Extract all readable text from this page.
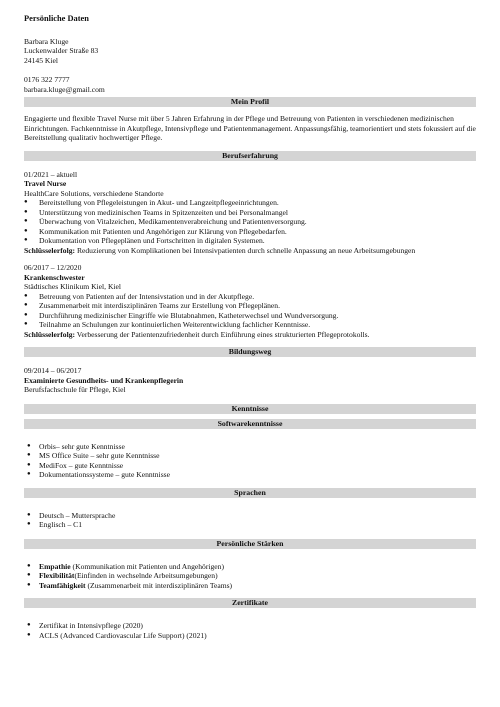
Persönliche Daten
Barbara Kluge
Luckenwalder Straße 83
24145 Kiel
0176 322 7777
barbara.kluge@gmail.com
Mein Profil
Engagierte und flexible Travel Nurse mit über 5 Jahren Erfahrung in der Pflege und Betreuung von Patienten in verschiedenen medizinischen Einrichtungen. Fachkenntnisse in Akutpflege, Intensivpflege und Patientenmanagement. Anpassungsfähig, teamorientiert und stets fokussiert auf die Bereitstellung qualitativ hochwertiger Pflege.
Berufserfahrung
01/2021 – aktuell
Travel Nurse
HealthCare Solutions, verschiedene Standorte
● Bereitstellung von Pflegeleistungen in Akut- und Langzeitpflegeeinrichtungen.
● Unterstützung von medizinischen Teams in Spitzenzeiten und bei Personalmangel
● Überwachung von Vitalzeichen, Medikamentenverabreichung und Patientenversorgung.
● Kommunikation mit Patienten und Angehörigen zur Klärung von Pflegebedarfen.
● Dokumentation von Pflegeplänen und Fortschritten in digitalen Systemen.
Schlüsselerfolg: Reduzierung von Komplikationen bei Intensivpatienten durch schnelle Anpassung an neue Arbeitsumgebungen
06/2017 – 12/2020
Krankenschwester
Städtisches Klinikum Kiel, Kiel
● Betreuung von Patienten auf der Intensivstation und in der Akutpflege.
● Zusammenarbeit mit interdisziplinären Teams zur Erstellung von Pflegeplänen.
● Durchführung medizinischer Eingriffe wie Blutabnahmen, Katheterwechsel und Wundversorgung.
● Teilnahme an Schulungen zur kontinuierlichen Weiterentwicklung fachlicher Kenntnisse.
Schlüsselerfolg: Verbesserung der Patientenzufriedenheit durch Einführung eines strukturierten Pflegeprotokolls.
Bildungsweg
09/2014 – 06/2017
Examinierte Gesundheits- und Krankenpflegerin
Berufsfachschule für Pflege, Kiel
Kenntnisse
Softwarekenntnisse
● Orbis– sehr gute Kenntnisse
● MS Office Suite – sehr gute Kenntnisse
● MediFox – gute Kenntnisse
● Dokumentationssysteme – gute Kenntnisse
Sprachen
● Deutsch – Muttersprache
● Englisch – C1
Persönliche Stärken
● Empathie (Kommunikation mit Patienten und Angehörigen)
● Flexibilität(Einfinden in wechselnde Arbeitsumgebungen)
● Teamfähigkeit (Zusammenarbeit mit interdisziplinären Teams)
Zertifikate
● Zertifikat in Intensivpflege (2020)
● ACLS (Advanced Cardiovascular Life Support) (2021)
